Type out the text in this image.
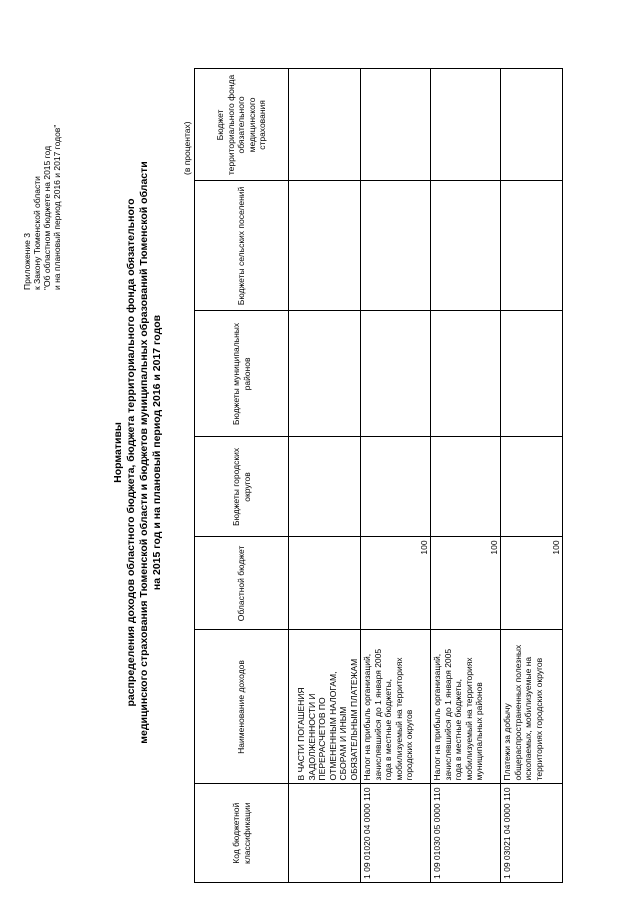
Приложение 3 к Закону Тюменской области "Об областном бюджете на 2015 год и на плановый период 2016 и 2017 годов"
Нормативы распределения доходов областного бюджета, бюджета территориального фонда обязательного медицинского страхования Тюменской области и бюджетов муниципальных образований Тюменской области на 2015 год и на плановый период 2016 и 2017 годов
(в процентах)
Код бюджетной классификации	Наименование доходов	Областной бюджет	Бюджеты городских округов	Бюджеты муниципальных районов	Бюджеты сельских поселений	Бюджет территориального фонда обязательного медицинского страхования
	В ЧАСТИ ПОГАШЕНИЯ ЗАДОЛЖЕННОСТИ И ПЕРЕРАСЧЕТОВ ПО ОТМЕНЕННЫМ НАЛОГАМ, СБОРАМ И ИНЫМ ОБЯЗАТЕЛЬНЫМ ПЛАТЕЖАМ					
1 09 01020 04 0000 110	Налог на прибыль организаций, зачислявшийся до 1 января 2005 года в местные бюджеты, мобилизуемый на территориях городских округов	100				
1 09 01030 05 0000 110	Налог на прибыль организаций, зачислявшийся до 1 января 2005 года в местные бюджеты, мобилизуемый на территориях муниципальных районов	100				
1 09 03021 04 0000 110	Платежи за добычу общераспространенных полезных ископаемых, мобилизуемые на территориях городских округов	100				
